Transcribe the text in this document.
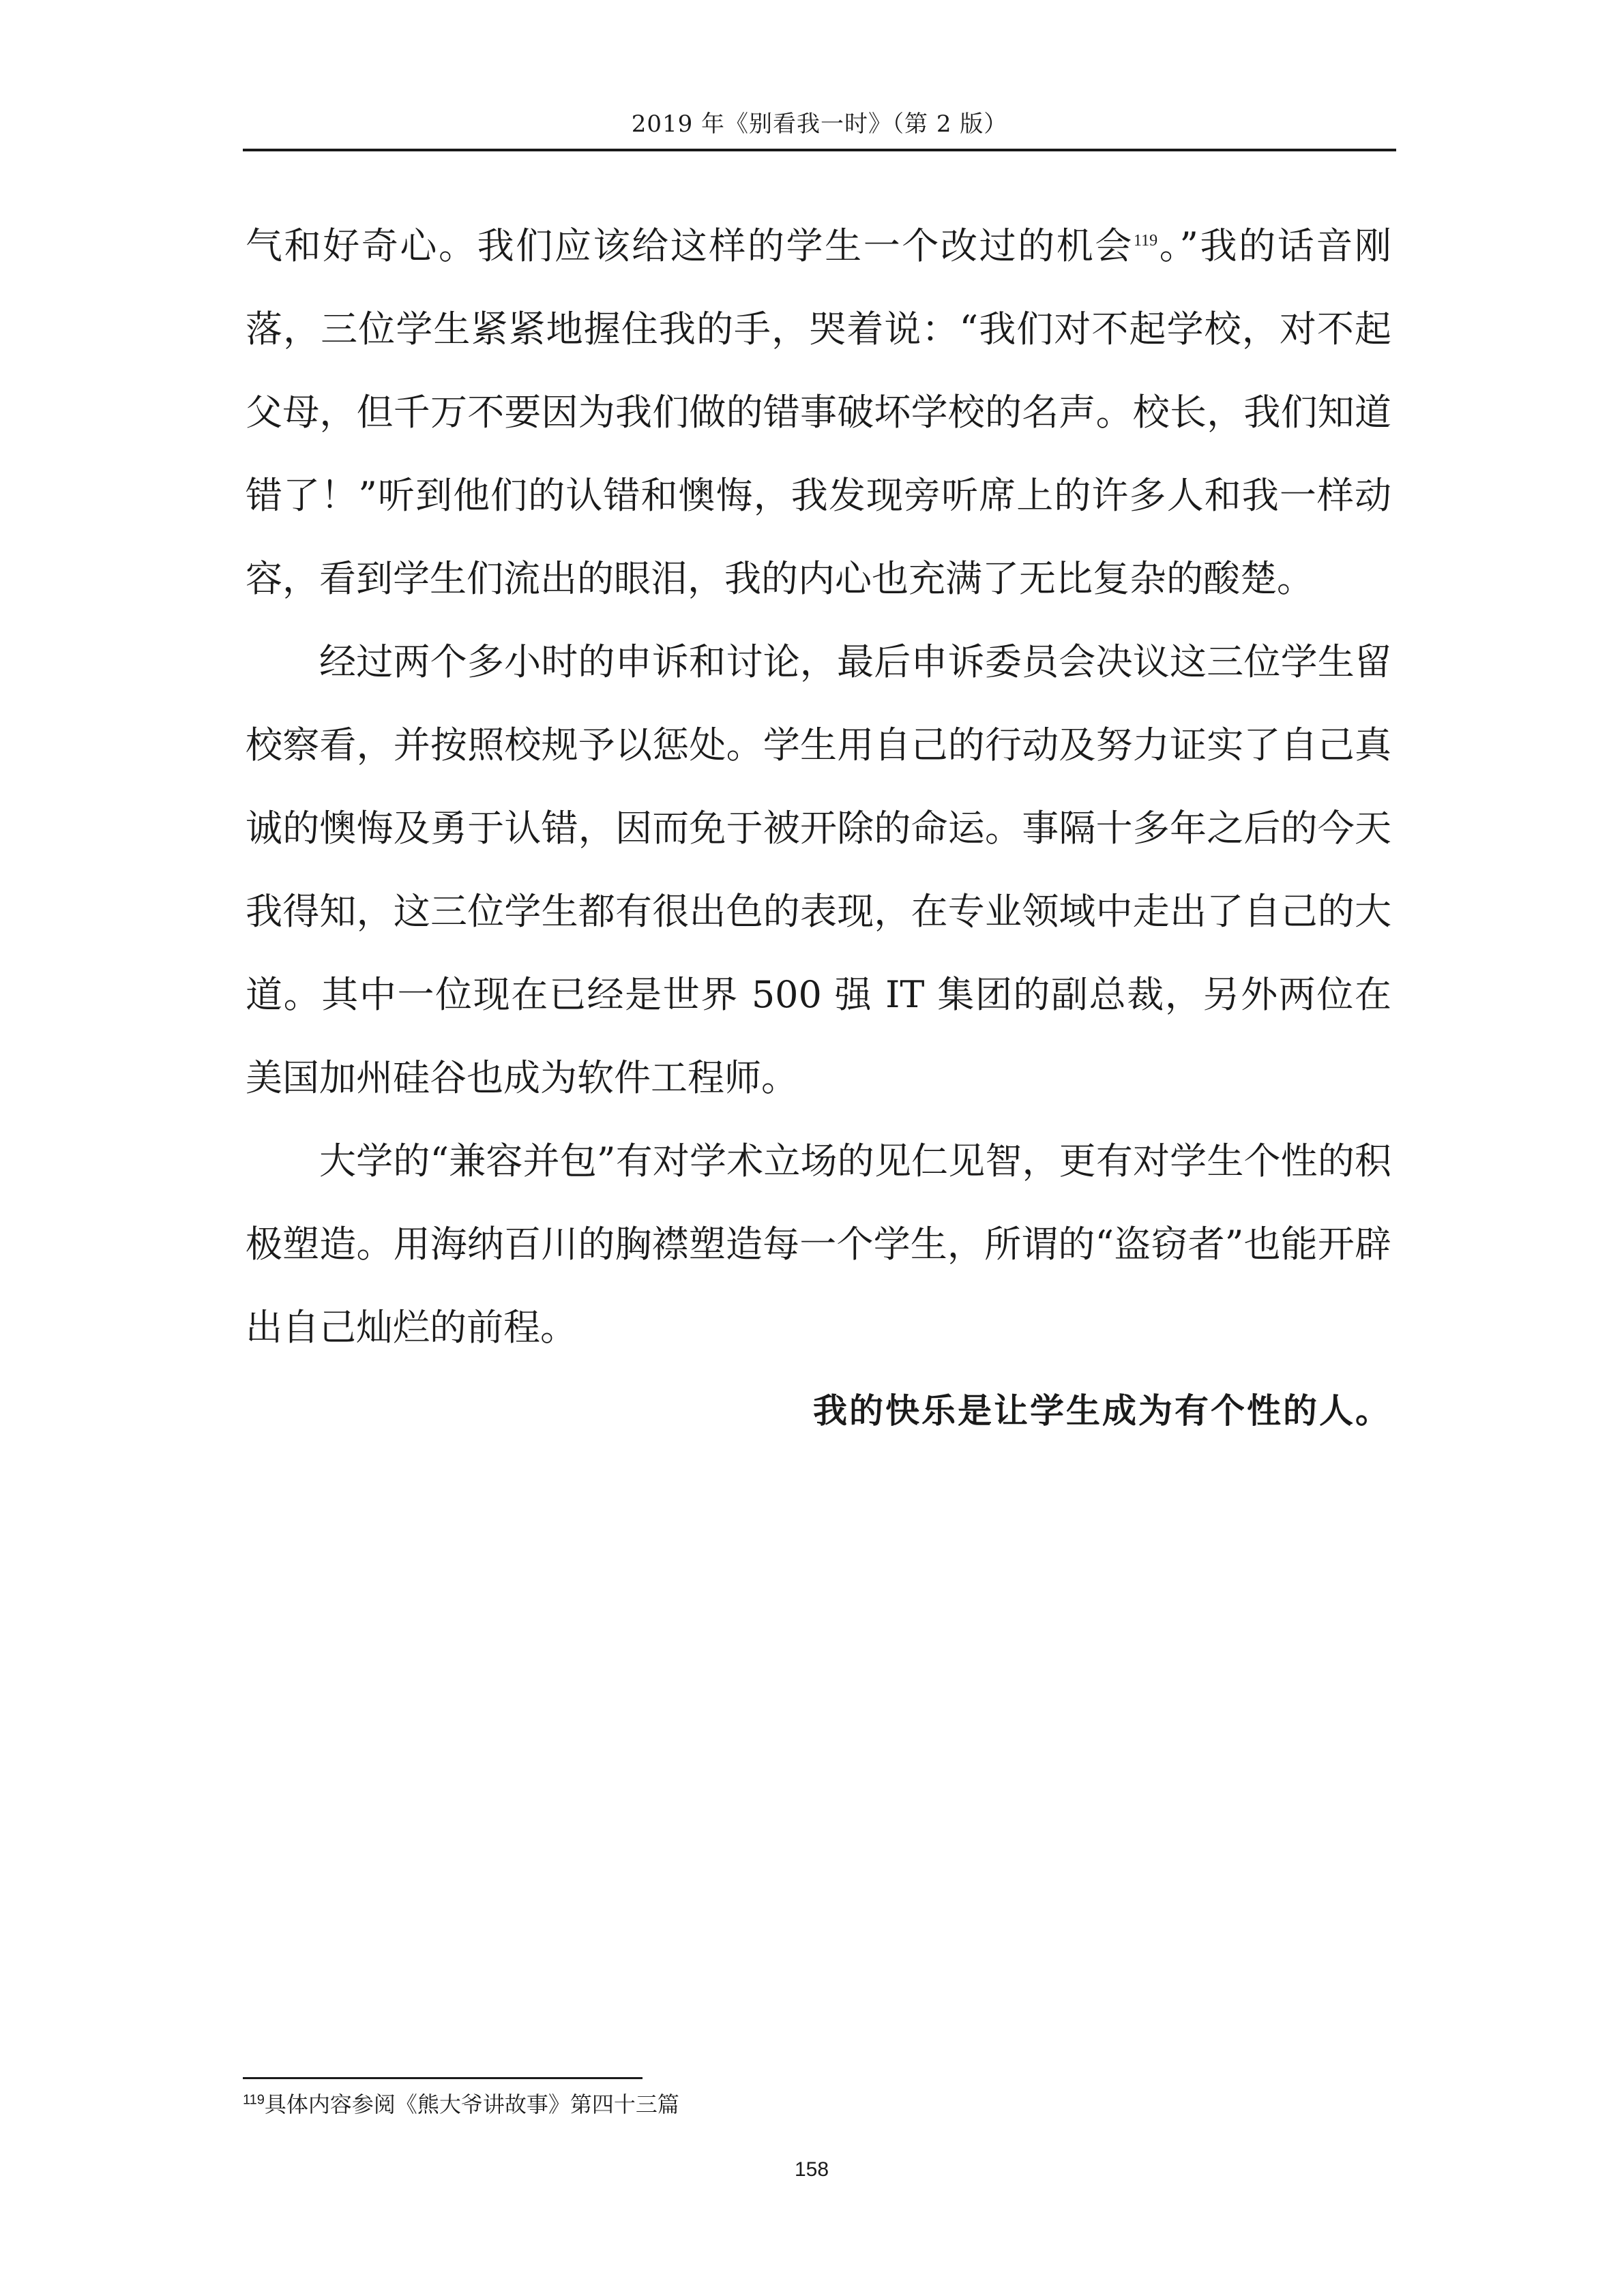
2019 年《别看我一时》（第 2 版）

气和好奇心。我们应该给这样的学生一个改过的机会$^{119}$。”我的话音刚落，三位学生紧紧地握住我的手，哭着说：“我们对不起学校，对不起父母，但千万不要因为我们做的错事破坏学校的名声。校长，我们知道错了！”听到他们的认错和懊悔，我发现旁听席上的许多人和我一样动容，看到学生们流出的眼泪，我的内心也充满了无比复杂的酸楚。

经过两个多小时的申诉和讨论，最后申诉委员会决议这三位学生留校察看，并按照校规予以惩处。学生用自己的行动及努力证实了自己真诚的懊悔及勇于认错，因而免于被开除的命运。事隔十多年之后的今天我得知，这三位学生都有很出色的表现，在专业领域中走出了自己的大道。其中一位现在已经是世界 500 强 IT 集团的副总裁，另外两位在美国加州硅谷也成为软件工程师。

大学的“兼容并包”有对学术立场的见仁见智，更有对学生个性的积极塑造。用海纳百川的胸襟塑造每一个学生，所谓的“盗窃者”也能开辟出自己灿烂的前程。

我的快乐是让学生成为有个性的人。

$^{119}$具体内容参阅《熊大爷讲故事》第四十三篇
158
